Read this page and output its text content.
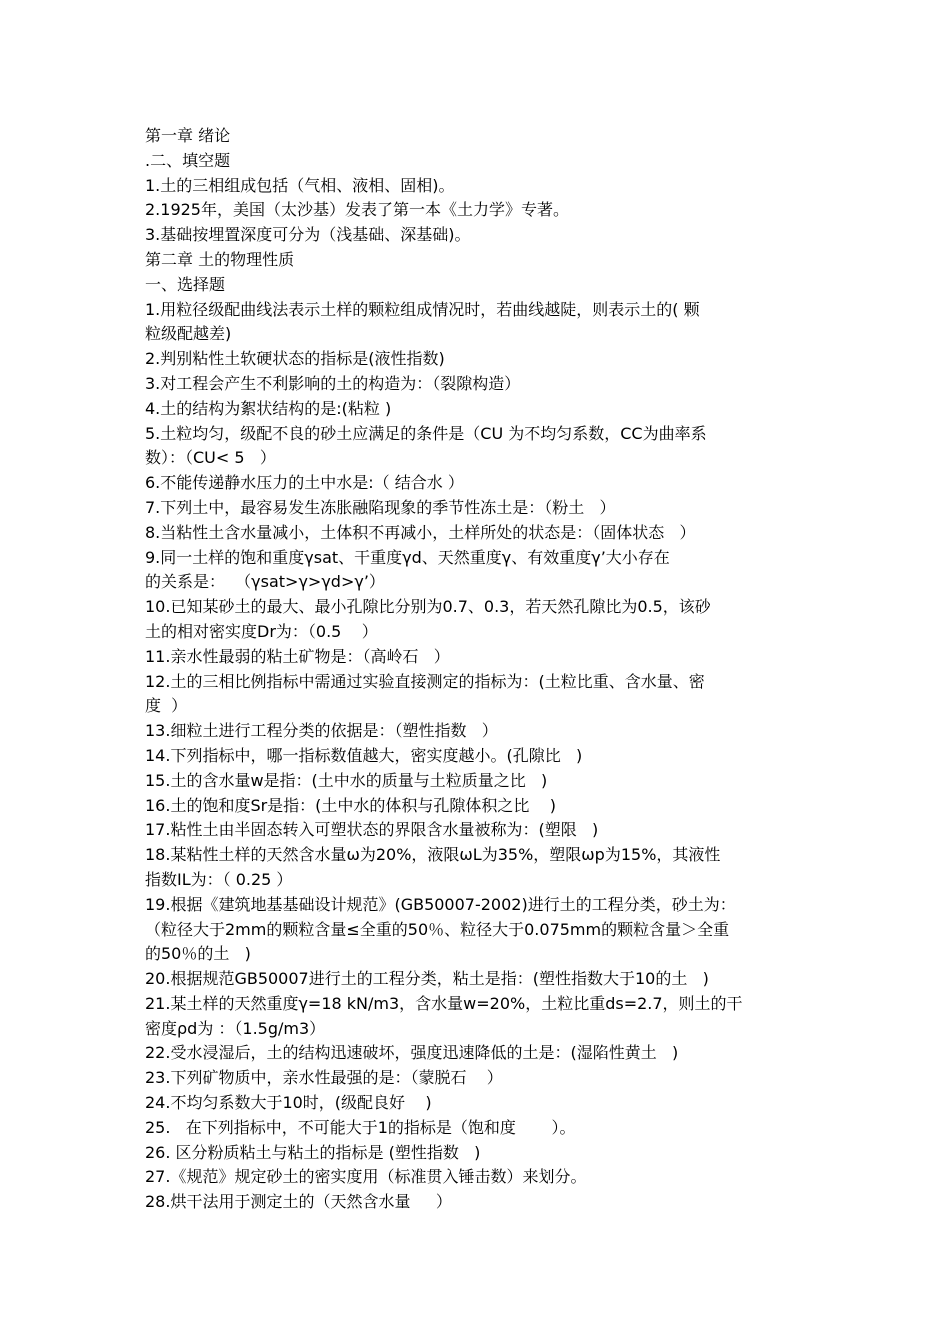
第一章 绪论
.二、填空题
1.土的三相组成包括（气相、液相、固相)。
2.1925年，美国（太沙基）发表了第一本《土力学》专著。
3.基础按埋置深度可分为（浅基础、深基础)。
第二章 土的物理性质
一、选择题
1.用粒径级配曲线法表示土样的颗粒组成情况时，若曲线越陡，则表示土的( 颗
粒级配越差)
2.判别粘性土软硬状态的指标是(液性指数)
3.对工程会产生不利影响的土的构造为：（裂隙构造）
4.土的结构为絮状结构的是:(粘粒 )
5.土粒均匀，级配不良的砂土应满足的条件是（CU 为不均匀系数，CC为曲率系
数）：（CU< 5   ）
6.不能传递静水压力的土中水是:（ 结合水 ）
7.下列土中，最容易发生冻胀融陷现象的季节性冻土是：（粉土   ）
8.当粘性土含水量减小，土体积不再减小，土样所处的状态是：（固体状态   ）
9.同一土样的饱和重度γsat、干重度γd、天然重度γ、有效重度γ’大小存在
的关系是：  （γsat>γ>γd>γ’）
10.已知某砂土的最大、最小孔隙比分别为0.7、0.3，若天然孔隙比为0.5，该砂
土的相对密实度Dr为：（0.5    ）
11.亲水性最弱的粘土矿物是：（高岭石   ）
12.土的三相比例指标中需通过实验直接测定的指标为：(土粒比重、含水量、密
度  ）
13.细粒土进行工程分类的依据是：（塑性指数   ）
14.下列指标中，哪一指标数值越大，密实度越小。(孔隙比   )
15.土的含水量w是指：(土中水的质量与土粒质量之比   )
16.土的饱和度Sr是指：(土中水的体积与孔隙体积之比    )
17.粘性土由半固态转入可塑状态的界限含水量被称为：(塑限   )
18.某粘性土样的天然含水量ω为20%，液限ωL为35%，塑限ωp为15%，其液性
指数IL为：（ 0.25 ）
19.根据《建筑地基基础设计规范》(GB50007-2002)进行土的工程分类，砂土为：
（粒径大于2mm的颗粒含量≤全重的50％、粒径大于0.075mm的颗粒含量＞全重
的50％的土   )
20.根据规范GB50007进行土的工程分类，粘土是指：(塑性指数大于10的土   )
21.某土样的天然重度γ=18 kN/m3，含水量w=20%，土粒比重ds=2.7，则土的干
密度ρd为 ：（1.5g/m3）
22.受水浸湿后，土的结构迅速破坏，强度迅速降低的土是：(湿陷性黄土   )
23.下列矿物质中，亲水性最强的是：（蒙脱石    ）
24.不均匀系数大于10时，(级配良好    )
25.   在下列指标中，不可能大于1的指标是（饱和度       ）。
26. 区分粉质粘土与粘土的指标是 (塑性指数   )
27.《规范》规定砂土的密实度用（标准贯入锤击数）来划分。
28.烘干法用于测定土的（天然含水量     ）
